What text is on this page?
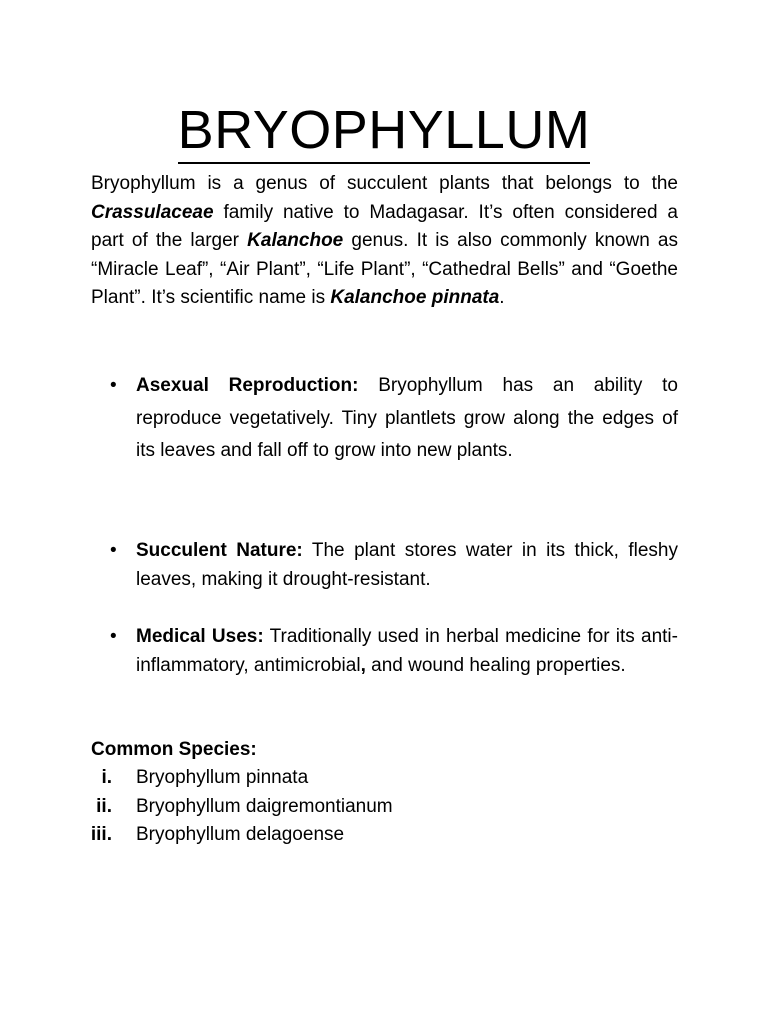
BRYOPHYLLUM

Bryophyllum is a genus of succulent plants that belongs to the Crassulaceae family native to Madagasar. It’s often considered a part of the larger Kalanchoe genus. It is also commonly known as “Miracle Leaf”, “Air Plant”, “Life Plant”, “Cathedral Bells” and “Goethe Plant”. It’s scientific name is Kalanchoe pinnata.

• Asexual Reproduction: Bryophyllum has an ability to reproduce vegetatively. Tiny plantlets grow along the edges of its leaves and fall off to grow into new plants.

• Succulent Nature: The plant stores water in its thick, fleshy leaves, making it drought-resistant.

• Medical Uses: Traditionally used in herbal medicine for its anti-inflammatory, antimicrobial, and wound healing properties.

Common Species:

i. Bryophyllum pinnata
ii. Bryophyllum daigremontianum
iii. Bryophyllum delagoense
